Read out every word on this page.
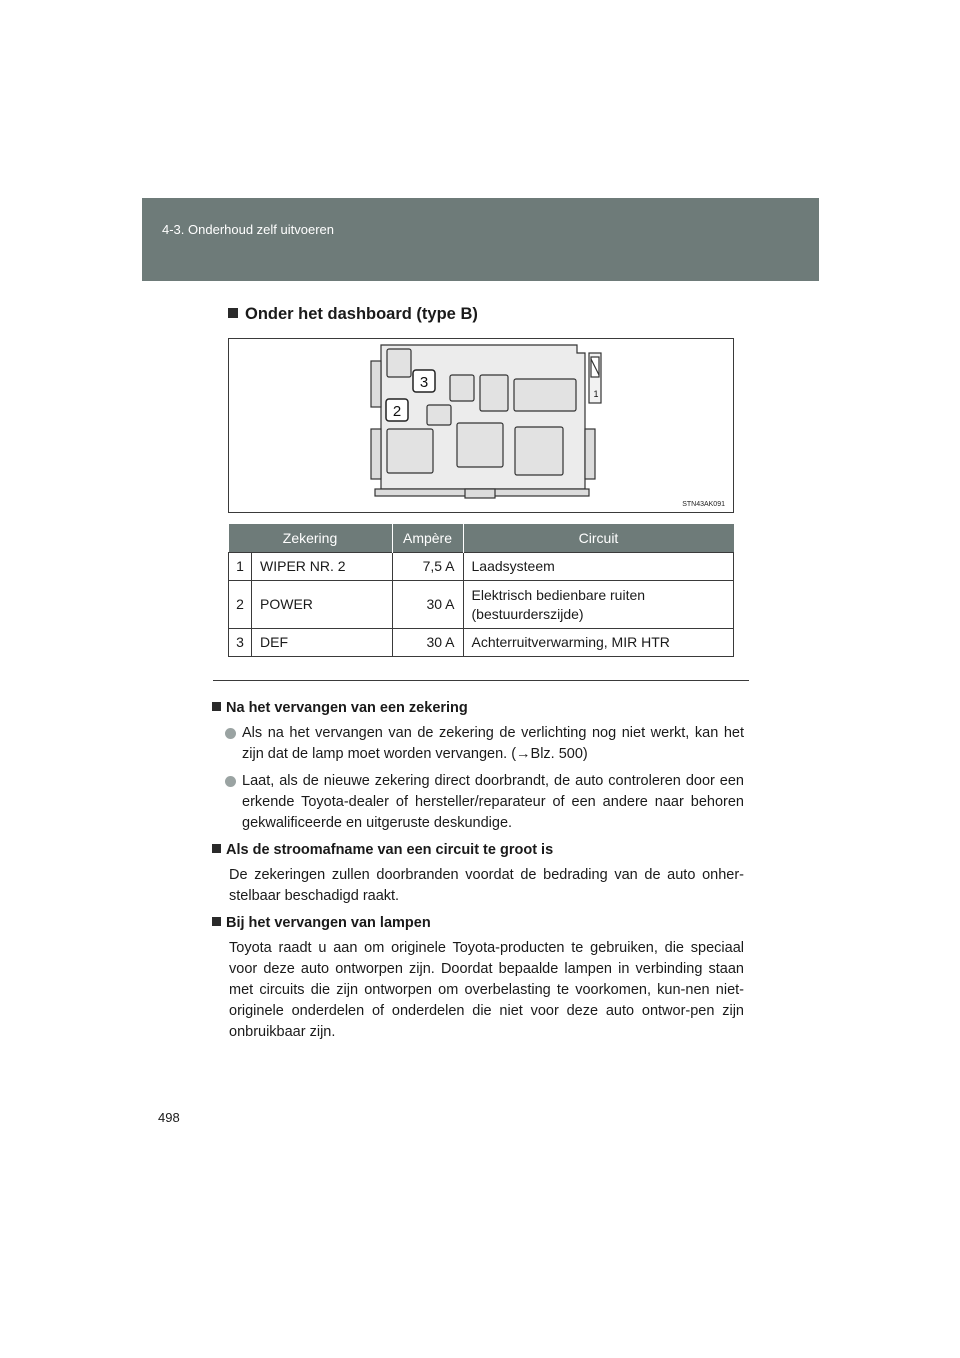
4-3. Onderhoud zelf uitvoeren
Onder het dashboard (type B)
3
2
1
STN43AK091
Zekering		Ampère	Circuit
1	WIPER NR. 2	7,5 A	Laadsysteem
2	POWER	30 A	Elektrisch bedienbare ruiten
(bestuurderszijde)
3	DEF	30 A	Achterruitverwarming, MIR HTR

Na het vervangen van een zekering

Als na het vervangen van de zekering de verlichting nog niet werkt, kan het zijn dat de lamp moet worden vervangen. (→Blz. 500)

Laat, als de nieuwe zekering direct doorbrandt, de auto controleren door een erkende Toyota-dealer of hersteller/reparateur of een andere naar behoren gekwalificeerde en uitgeruste deskundige.

Als de stroomafname van een circuit te groot is

De zekeringen zullen doorbranden voordat de bedrading van de auto onher-stelbaar beschadigd raakt.

Bij het vervangen van lampen

Toyota raadt u aan om originele Toyota-producten te gebruiken, die speciaal voor deze auto ontworpen zijn. Doordat bepaalde lampen in verbinding staan met circuits die zijn ontworpen om overbelasting te voorkomen, kun-nen niet-originele onderdelen of onderdelen die niet voor deze auto ontwor-pen zijn onbruikbaar zijn.

498
